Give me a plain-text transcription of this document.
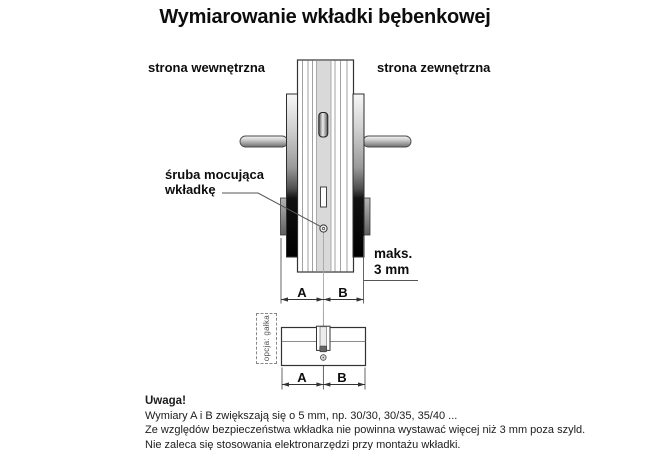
Wymiarowanie wkładki bębenkowej
strona wewnętrzna	strona zewnętrzna
śruba mocująca
wkładkę
maks.
3 mm
A	B
A	B
opcja: gałka
Uwaga!
Wymiary A i B zwiększają się o 5 mm, np. 30/30, 30/35, 35/40 ...
Ze względów bezpieczeństwa wkładka nie powinna wystawać więcej niż 3 mm poza szyld.
Nie zaleca się stosowania elektronarzędzi przy montażu wkładki.
